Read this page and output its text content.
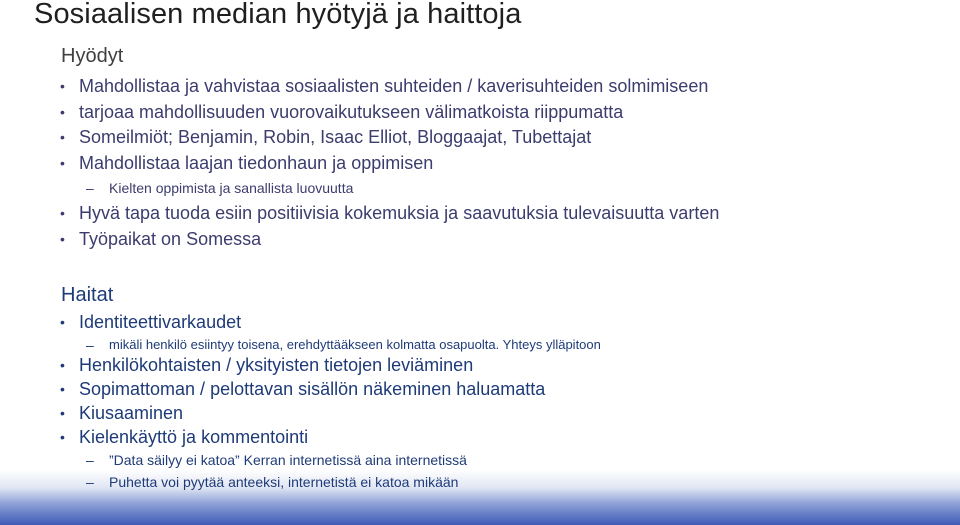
Sosiaalisen median hyötyjä ja haittoja
Hyödyt
• Mahdollistaa ja vahvistaa sosiaalisten suhteiden / kaverisuhteiden solmimiseen
• tarjoaa mahdollisuuden vuorovaikutukseen välimatkoista riippumatta
• Someilmiöt; Benjamin, Robin, Isaac Elliot, Bloggaajat, Tubettajat
• Mahdollistaa laajan tiedonhaun ja oppimisen
– Kielten oppimista ja sanallista luovuutta
• Hyvä tapa tuoda esiin positiivisia kokemuksia ja saavutuksia tulevaisuutta varten
• Työpaikat on Somessa
Haitat
• Identiteettivarkaudet
– mikäli henkilö esiintyy toisena, erehdyttääkseen kolmatta osapuolta. Yhteys ylläpitoon
• Henkilökohtaisten / yksityisten tietojen leviäminen
• Sopimattoman / pelottavan sisällön näkeminen haluamatta
• Kiusaaminen
• Kielenkäyttö ja kommentointi
– ”Data säilyy ei katoa” Kerran internetissä aina internetissä
– Puhetta voi pyytää anteeksi, internetistä ei katoa mikään
